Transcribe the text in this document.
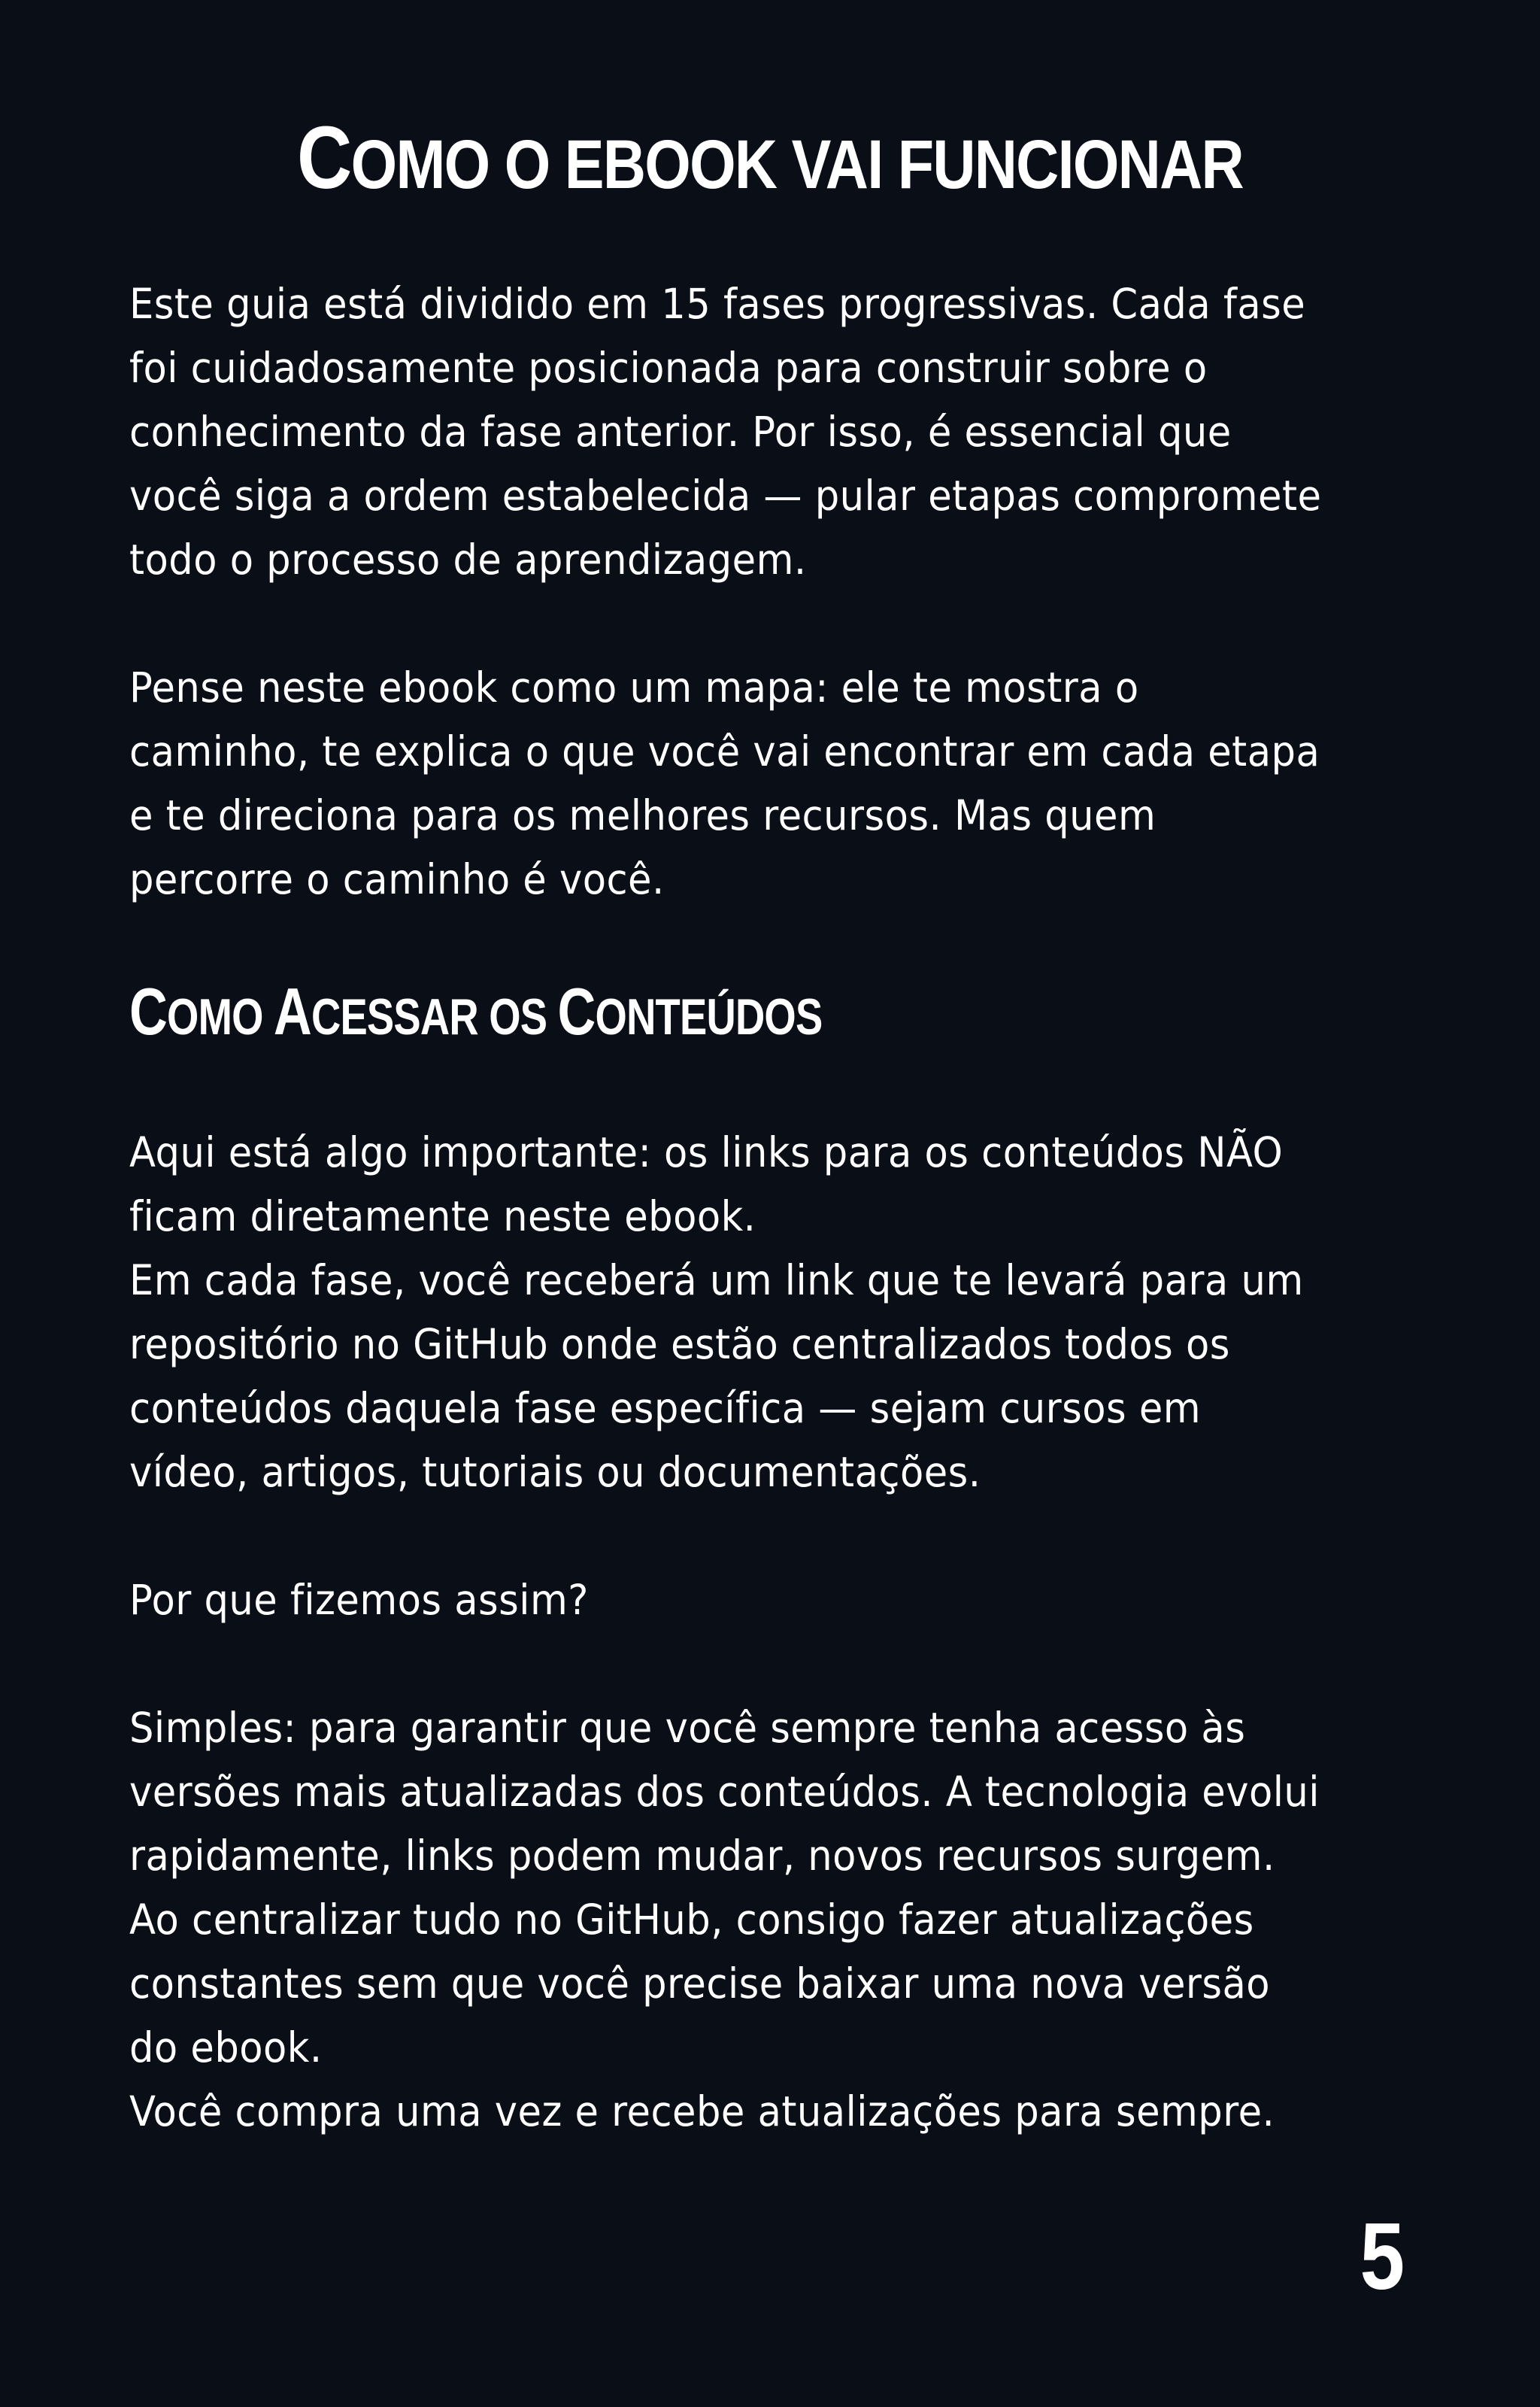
COMO O EBOOK VAI FUNCIONAR
Este guia está dividido em 15 fases progressivas. Cada fase
foi cuidadosamente posicionada para construir sobre o
conhecimento da fase anterior. Por isso, é essencial que
você siga a ordem estabelecida — pular etapas compromete
todo o processo de aprendizagem.
Pense neste ebook como um mapa: ele te mostra o
caminho, te explica o que você vai encontrar em cada etapa
e te direciona para os melhores recursos. Mas quem
percorre o caminho é você.
COMO ACESSAR OS CONTEÚDOS
Aqui está algo importante: os links para os conteúdos NÃO
ficam diretamente neste ebook.
Em cada fase, você receberá um link que te levará para um
repositório no GitHub onde estão centralizados todos os
conteúdos daquela fase específica — sejam cursos em
vídeo, artigos, tutoriais ou documentações.
Por que fizemos assim?
Simples: para garantir que você sempre tenha acesso às
versões mais atualizadas dos conteúdos. A tecnologia evolui
rapidamente, links podem mudar, novos recursos surgem.
Ao centralizar tudo no GitHub, consigo fazer atualizações
constantes sem que você precise baixar uma nova versão
do ebook.
Você compra uma vez e recebe atualizações para sempre.
5
